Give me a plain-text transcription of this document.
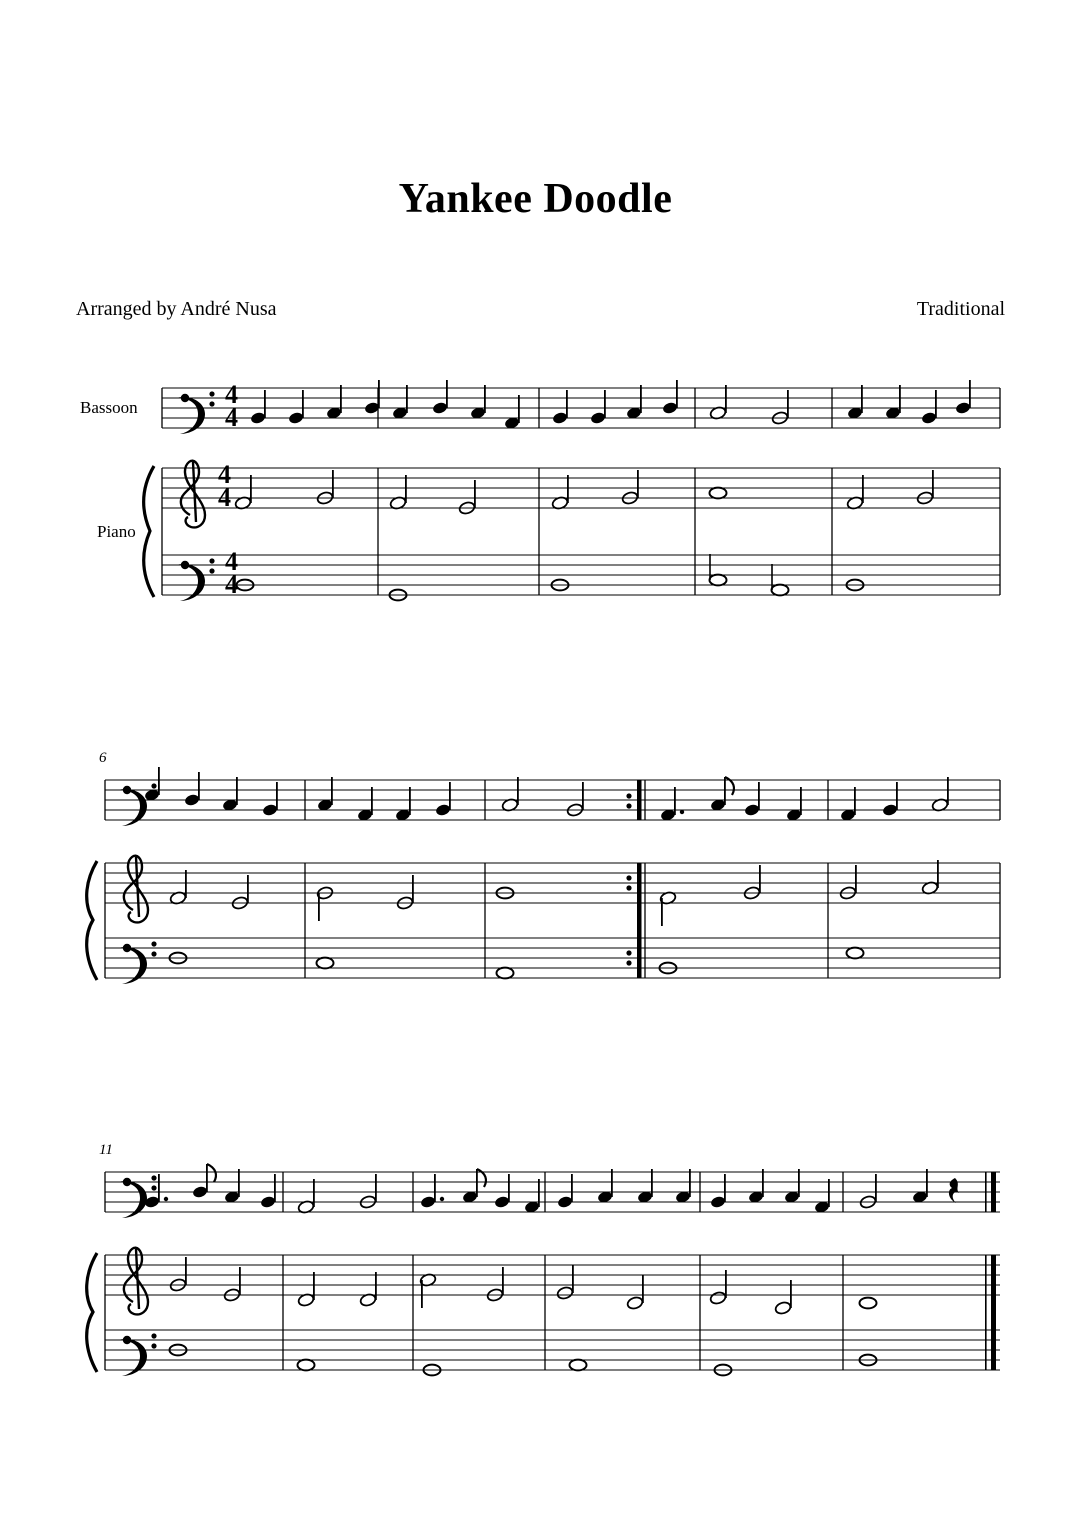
Yankee Doodle
Arranged by André Nusa	Traditional
4
4
4
4
4
4
Bassoon
Piano
6
11
